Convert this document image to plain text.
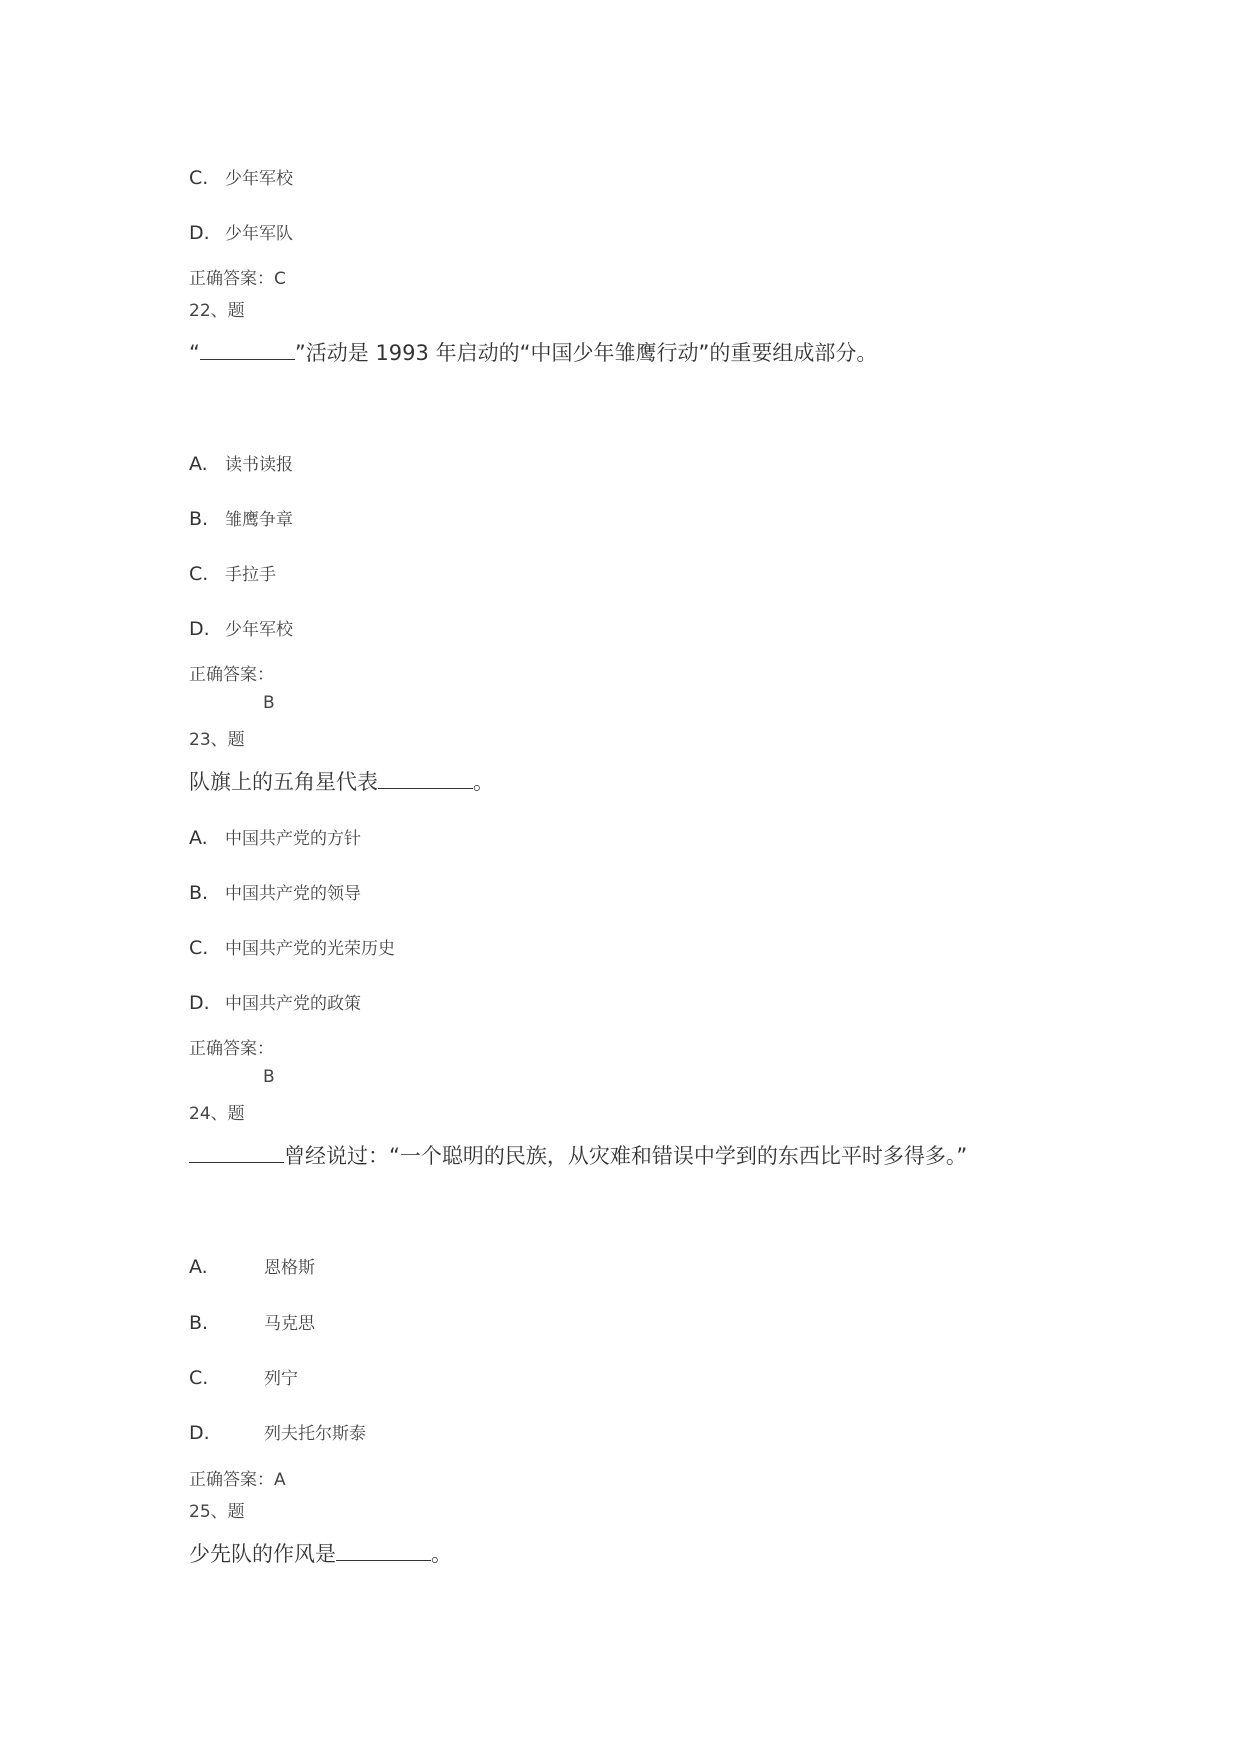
C. 少年军校
D. 少年军队
正确答案：C
22、题
“	”活动是 1993 年启动的“中国少年雏鹰行动”的重要组成部分。
A. 读书读报
B. 雏鹰争章
C. 手拉手
D. 少年军校
正确答案：
B
23、题
队旗上的五角星代表	。
A. 中国共产党的方针
B. 中国共产党的领导
C. 中国共产党的光荣历史
D. 中国共产党的政策
正确答案：
B
24、题
曾经说过：“一个聪明的民族，从灾难和错误中学到的东西比平时多得多。”
A.	恩格斯
B.	马克思
C.	列宁
D.	列夫托尔斯泰
正确答案：A
25、题
少先队的作风是	。
